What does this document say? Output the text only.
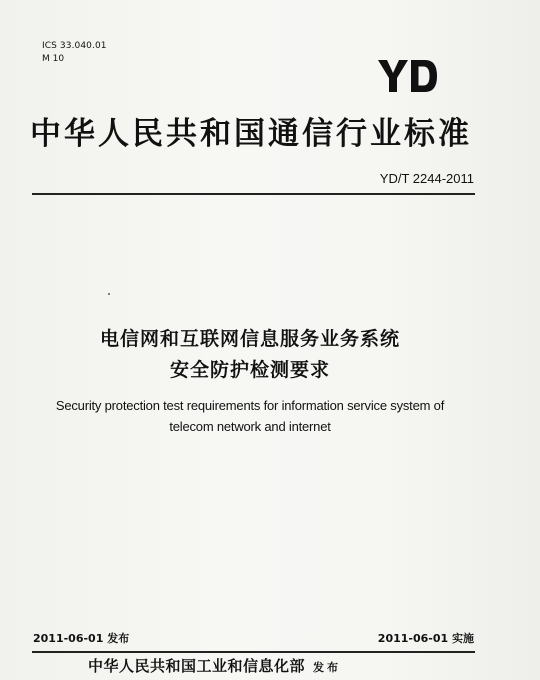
ICS 33.040.01
M 10
中华人民共和国通信行业标准
YD/T 2244-2011
电信网和互联网信息服务业务系统
安全防护检测要求
Security protection test requirements for information service system of
telecom network and internet
2011-06-01 发布	2011-06-01 实施
中华人民共和国工业和信息化部 发布
